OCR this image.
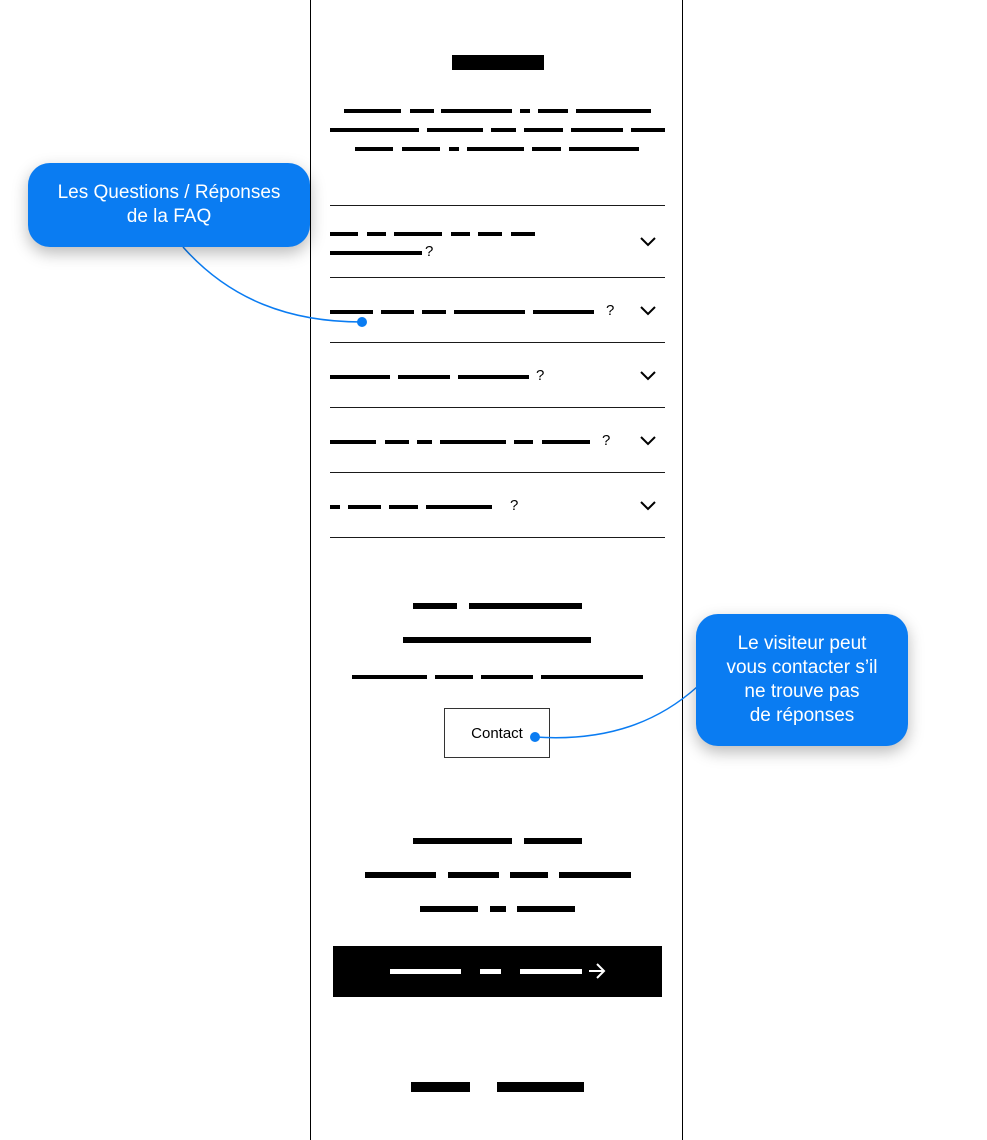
?
?
?
?
?
Contact
Les Questions / Réponses
de la FAQ
Le visiteur peut
vous contacter s’il
ne trouve pas
de réponses
